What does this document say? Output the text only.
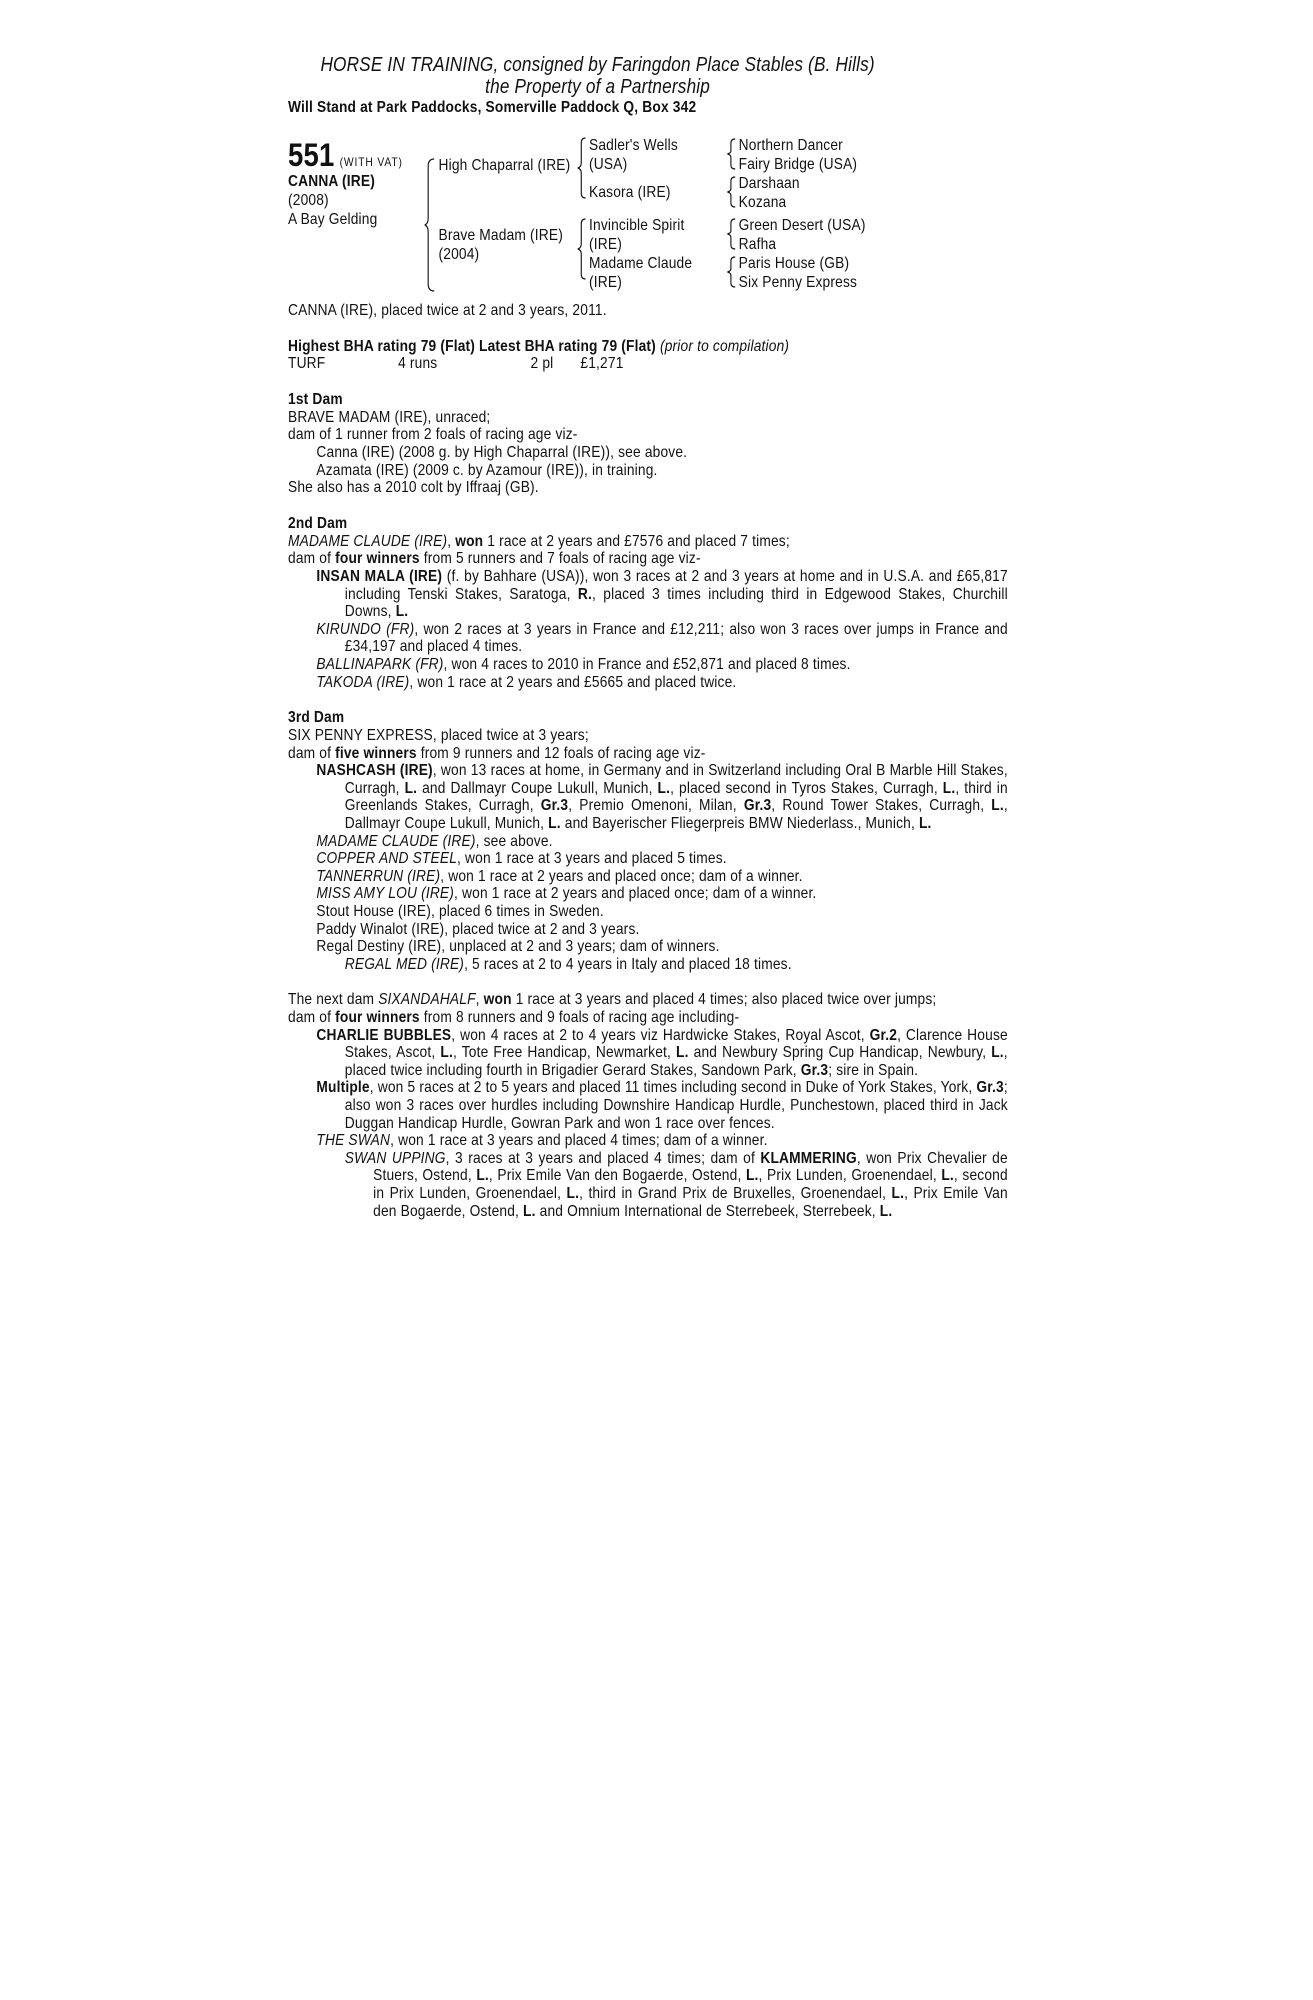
HORSE IN TRAINING, consigned by Faringdon Place Stables (B. Hills)
the Property of a Partnership
Will Stand at Park Paddocks, Somerville Paddock Q, Box 342
551 (WITH VAT)
CANNA (IRE)
(2008)
A Bay Gelding
High Chaparral (IRE)
Brave Madam (IRE)
(2004)
Sadler's Wells
(USA)
Kasora (IRE)
Invincible Spirit
(IRE)
Madame Claude
(IRE)
Northern Dancer
Fairy Bridge (USA)
Darshaan
Kozana
Green Desert (USA)
Rafha
Paris House (GB)
Six Penny Express

CANNA (IRE), placed twice at 2 and 3 years, 2011.

Highest BHA rating 79 (Flat) Latest BHA rating 79 (Flat) (prior to compilation)

TURF	4 runs	2 pl £1,271

1st Dam

BRAVE MADAM (IRE), unraced;

dam of 1 runner from 2 foals of racing age viz-

Canna (IRE) (2008 g. by High Chaparral (IRE)), see above.

Azamata (IRE) (2009 c. by Azamour (IRE)), in training.

She also has a 2010 colt by Iffraaj (GB).

2nd Dam

MADAME CLAUDE (IRE), won 1 race at 2 years and £7576 and placed 7 times;

dam of four winners from 5 runners and 7 foals of racing age viz-

INSAN MALA (IRE) (f. by Bahhare (USA)), won 3 races at 2 and 3 years at home and in U.S.A. and £65,817 including Tenski Stakes, Saratoga, R., placed 3 times including third in Edgewood Stakes, Churchill Downs, L.

KIRUNDO (FR), won 2 races at 3 years in France and £12,211; also won 3 races over jumps in France and £34,197 and placed 4 times.

BALLINAPARK (FR), won 4 races to 2010 in France and £52,871 and placed 8 times.

TAKODA (IRE), won 1 race at 2 years and £5665 and placed twice.

3rd Dam

SIX PENNY EXPRESS, placed twice at 3 years;

dam of five winners from 9 runners and 12 foals of racing age viz-

NASHCASH (IRE), won 13 races at home, in Germany and in Switzerland including Oral B Marble Hill Stakes, Curragh, L. and Dallmayr Coupe Lukull, Munich, L., placed second in Tyros Stakes, Curragh, L., third in Greenlands Stakes, Curragh, Gr.3, Premio Omenoni, Milan, Gr.3, Round Tower Stakes, Curragh, L., Dallmayr Coupe Lukull, Munich, L. and Bayerischer Fliegerpreis BMW Niederlass., Munich, L.

MADAME CLAUDE (IRE), see above.

COPPER AND STEEL, won 1 race at 3 years and placed 5 times.

TANNERRUN (IRE), won 1 race at 2 years and placed once; dam of a winner.

MISS AMY LOU (IRE), won 1 race at 2 years and placed once; dam of a winner.

Stout House (IRE), placed 6 times in Sweden.

Paddy Winalot (IRE), placed twice at 2 and 3 years.

Regal Destiny (IRE), unplaced at 2 and 3 years; dam of winners.

REGAL MED (IRE), 5 races at 2 to 4 years in Italy and placed 18 times.

The next dam SIXANDAHALF, won 1 race at 3 years and placed 4 times; also placed twice over jumps;

dam of four winners from 8 runners and 9 foals of racing age including-

CHARLIE BUBBLES, won 4 races at 2 to 4 years viz Hardwicke Stakes, Royal Ascot, Gr.2, Clarence House Stakes, Ascot, L., Tote Free Handicap, Newmarket, L. and Newbury Spring Cup Handicap, Newbury, L., placed twice including fourth in Brigadier Gerard Stakes, Sandown Park, Gr.3; sire in Spain.

Multiple, won 5 races at 2 to 5 years and placed 11 times including second in Duke of York Stakes, York, Gr.3; also won 3 races over hurdles including Downshire Handicap Hurdle, Punchestown, placed third in Jack Duggan Handicap Hurdle, Gowran Park and won 1 race over fences.

THE SWAN, won 1 race at 3 years and placed 4 times; dam of a winner.

SWAN UPPING, 3 races at 3 years and placed 4 times; dam of KLAMMERING, won Prix Chevalier de Stuers, Ostend, L., Prix Emile Van den Bogaerde, Ostend, L., Prix Lunden, Groenendael, L., second in Prix Lunden, Groenendael, L., third in Grand Prix de Bruxelles, Groenendael, L., Prix Emile Van den Bogaerde, Ostend, L. and Omnium International de Sterrebeek, Sterrebeek, L.
